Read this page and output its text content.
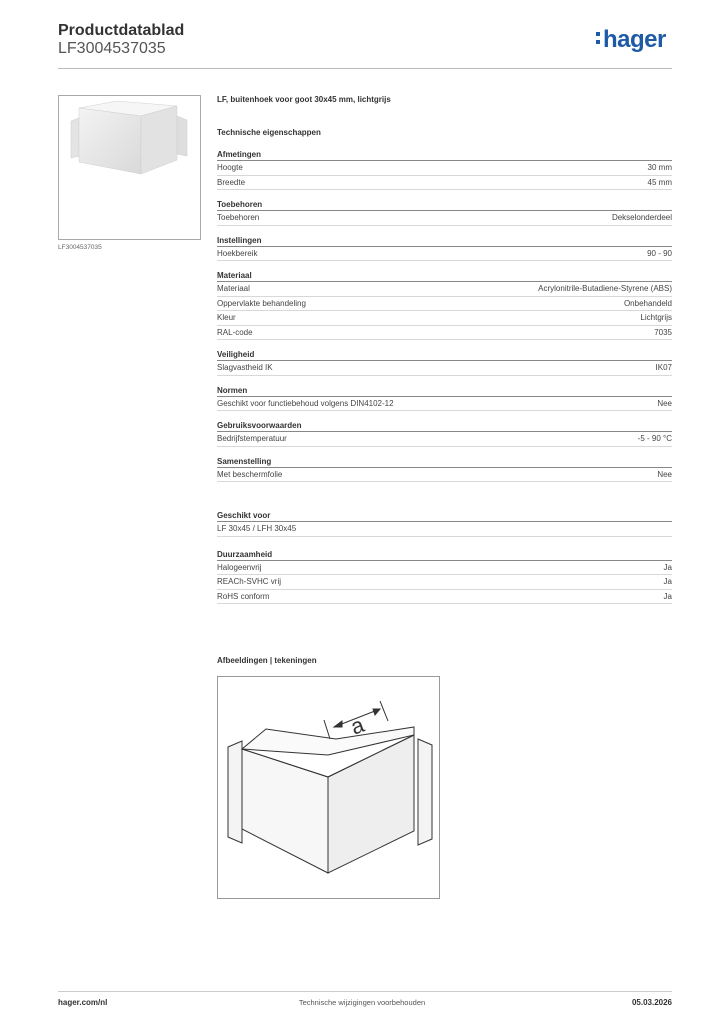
Productdatablad
LF3004537035	hager
LF3004537035
LF, buitenhoek voor goot 30x45 mm, lichtgrijs
Technische eigenschappen
Afmetingen
Hoogte	30 mm
Breedte	45 mm
Toebehoren
Toebehoren	Dekselonderdeel
Instellingen
Hoekbereik	90 - 90
Materiaal
Materiaal	Acrylonitrile-Butadiene-Styrene (ABS)
Oppervlakte behandeling	Onbehandeld
Kleur	Lichtgrijs
RAL-code	7035
Veiligheid
Slagvastheid IK	IK07
Normen
Geschikt voor functiebehoud volgens DIN4102-12	Nee
Gebruiksvoorwaarden
Bedrijfstemperatuur	-5 - 90 °C
Samenstelling
Met beschermfolie	Nee
Geschikt voor
LF 30x45 / LFH 30x45
Duurzaamheid
Halogeenvrij	Ja
REACh-SVHC vrij	Ja
RoHS conform	Ja
Afbeeldingen | tekeningen
a
hager.com/nl	Technische wijzigingen voorbehouden	05.03.2026
